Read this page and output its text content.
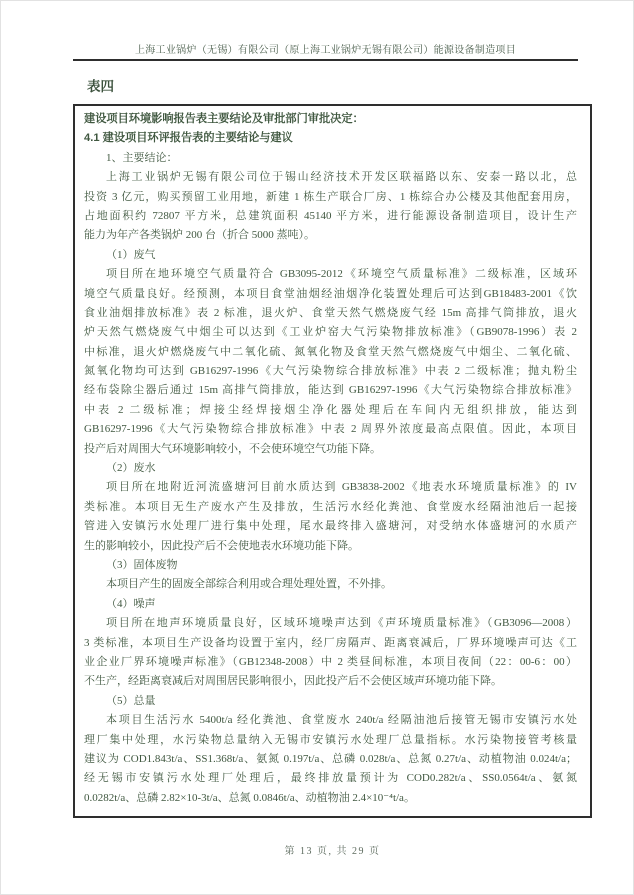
上海工业锅炉（无锡）有限公司（原上海工业锅炉无锡有限公司）能源设备制造项目
表四
建设项目环境影响报告表主要结论及审批部门审批决定：
4.1 建设项目环评报告表的主要结论与建议
1、主要结论：
上海工业锅炉无锡有限公司位于锡山经济技术开发区联福路以东、安泰一路以北，总
投资 3 亿元，购买预留工业用地，新建 1 栋生产联合厂房、1 栋综合办公楼及其他配套用房，
占地面积约 72807 平方米，总建筑面积 45140 平方米，进行能源设备制造项目，设计生产
能力为年产各类锅炉 200 台（折合 5000 蒸吨）。
（1）废气
项目所在地环境空气质量符合 GB3095-2012《环境空气质量标准》二级标准，区域环
境空气质量良好。经预测，本项目食堂油烟经油烟净化装置处理后可达到GB18483-2001《饮
食业油烟排放标准》表 2 标准，退火炉、食堂天然气燃烧废气经 15m 高排气筒排放，退火
炉天然气燃烧废气中烟尘可以达到《工业炉窑大气污染物排放标准》（GB9078-1996）表 2
中标准，退火炉燃烧废气中二氧化硫、氮氧化物及食堂天然气燃烧废气中烟尘、二氧化硫、
氮氧化物均可达到 GB16297-1996《大气污染物综合排放标准》中表 2 二级标准；抛丸粉尘
经布袋除尘器后通过 15m 高排气筒排放，能达到 GB16297-1996《大气污染物综合排放标准》
中表 2 二级标准；焊接尘经焊接烟尘净化器处理后在车间内无组织排放，能达到
GB16297-1996《大气污染物综合排放标准》中表 2 周界外浓度最高点限值。因此，本项目
投产后对周围大气环境影响较小，不会使环境空气功能下降。
（2）废水
项目所在地附近河流盛塘河目前水质达到 GB3838-2002《地表水环境质量标准》的 IV
类标准。本项目无生产废水产生及排放，生活污水经化粪池、食堂废水经隔油池后一起接
管进入安镇污水处理厂进行集中处理，尾水最终排入盛塘河，对受纳水体盛塘河的水质产
生的影响较小，因此投产后不会使地表水环境功能下降。
（3）固体废物
本项目产生的固废全部综合利用或合理处理处置，不外排。
（4）噪声
项目所在地声环境质量良好，区域环境噪声达到《声环境质量标准》（GB3096—2008）
3 类标准，本项目生产设备均设置于室内，经厂房隔声、距离衰减后，厂界环境噪声可达《工
业企业厂界环境噪声标准》（GB12348-2008）中 2 类昼间标准，本项目夜间（22：00-6：00）
不生产，经距离衰减后对周围居民影响很小，因此投产后不会使区域声环境功能下降。
（5）总量
本项目生活污水 5400t/a 经化粪池、食堂废水 240t/a 经隔油池后接管无锡市安镇污水处
理厂集中处理，水污染物总量纳入无锡市安镇污水处理厂总量指标。水污染物接管考核量
建议为 COD1.843t/a、SS1.368t/a、氨氮 0.197t/a、总磷 0.028t/a、总氮 0.27t/a、动植物油 0.024t/a；
经无锡市安镇污水处理厂处理后，最终排放量预计为 COD0.282t/a、SS0.0564t/a、氨氮
0.0282t/a、总磷 2.82×10-3t/a、总氮 0.0846t/a、动植物油 2.4×10⁻⁴t/a。
第 13 页, 共 29 页
